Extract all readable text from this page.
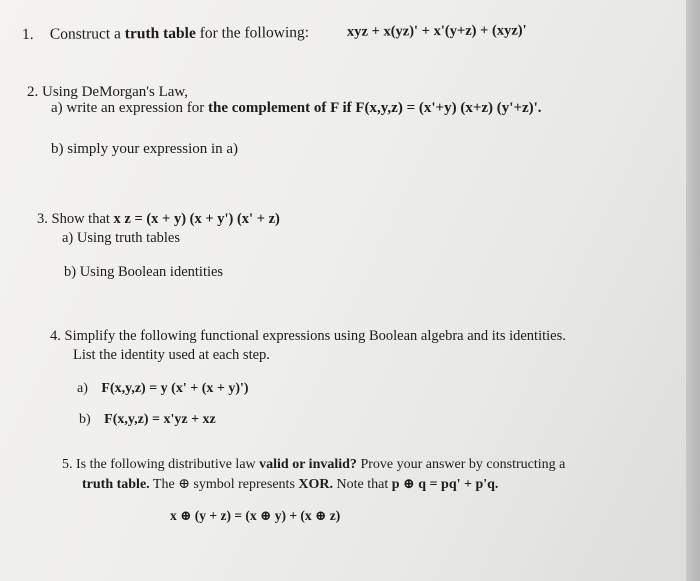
1. Construct a truth table for the following:	xyz + x(yz)' + x'(y+z) + (xyz)'
2. Using DeMorgan's Law,
a) write an expression for the complement of F if F(x,y,z) = (x'+y) (x+z) (y'+z)'.
b) simply your expression in a)
3. Show that x z = (x + y) (x + y') (x' + z)
a) Using truth tables
b) Using Boolean identities
4. Simplify the following functional expressions using Boolean algebra and its identities.
List the identity used at each step.
a) F(x,y,z) = y (x' + (x + y)')
b) F(x,y,z) = x'yz + xz
5. Is the following distributive law valid or invalid? Prove your answer by constructing a
truth table. The ⊕ symbol represents XOR. Note that p ⊕ q = pq' + p'q.
x ⊕ (y + z) = (x ⊕ y) + (x ⊕ z)
